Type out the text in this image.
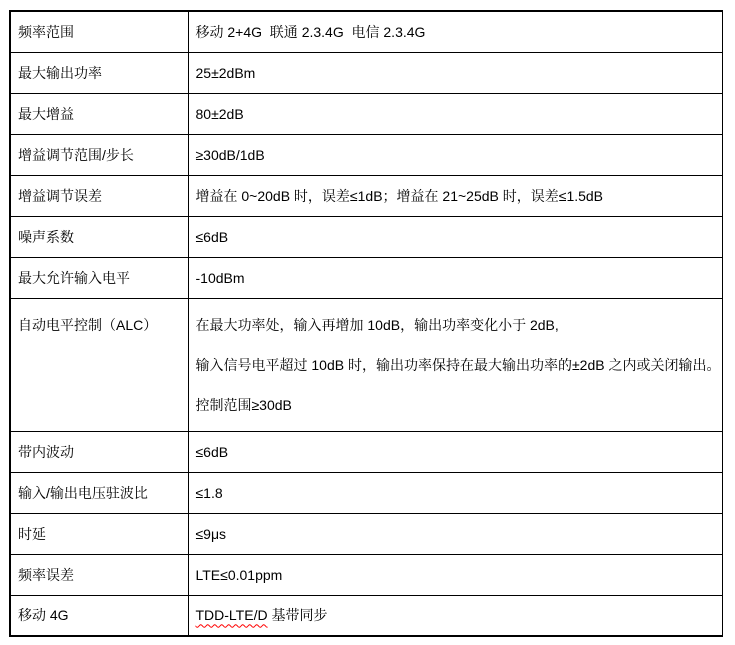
频率范围	移动 2+4G  联通 2.3.4G  电信 2.3.4G

最大输出功率	25±2dBm

最大增益	80±2dB

增益调节范围/步长	≥30dB/1dB

增益调节误差	增益在 0~20dB 时，误差≤1dB；增益在 21~25dB 时，误差≤1.5dB

噪声系数	≤6dB

最大允许输入电平	-10dBm

自动电平控制（ALC）	在最大功率处，输入再增加 10dB，输出功率变化小于 2dB,

输入信号电平超过 10dB 时，输出功率保持在最大输出功率的±2dB 之内或关闭输出。

控制范围≥30dB

带内波动	≤6dB

输入/输出电压驻波比	≤1.8

时延	≤9μs

频率误差	LTE≤0.01ppm

移动 4G	TDD-LTE/D 基带同步
